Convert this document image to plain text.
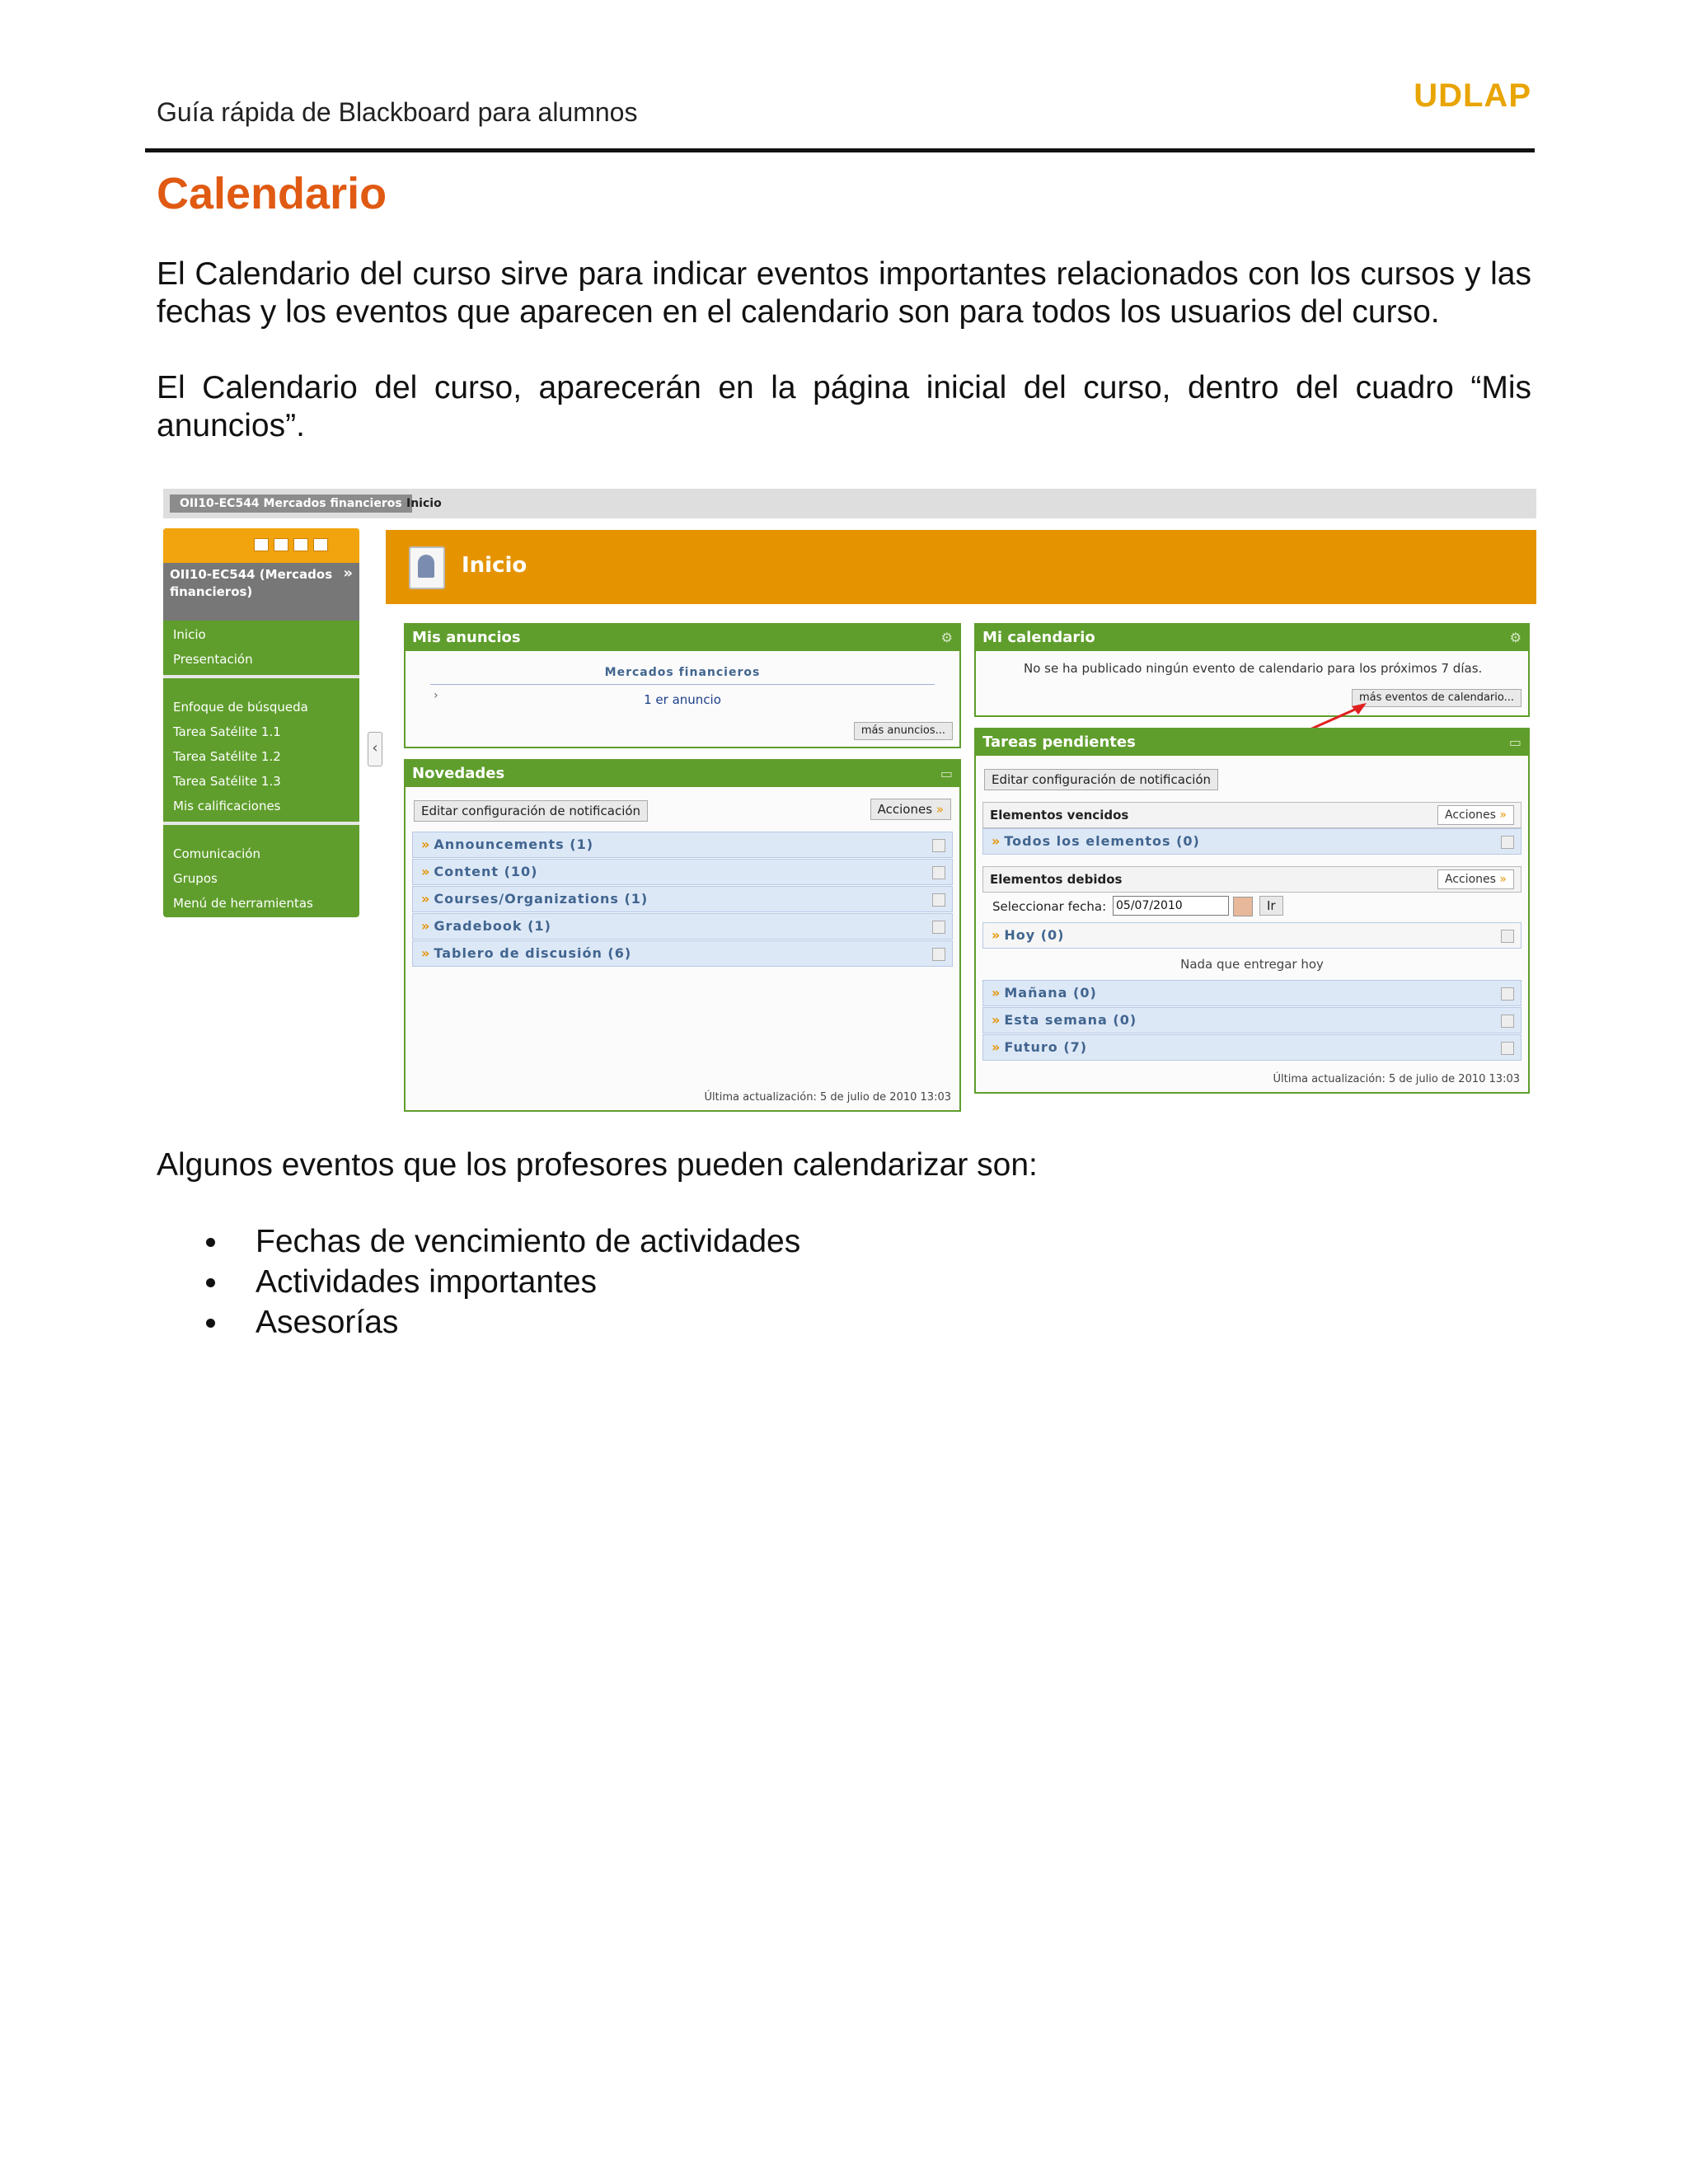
Guía rápida de Blackboard para alumnos	UDLAP
Calendario
El Calendario del curso sirve para indicar eventos importantes relacionados con los cursos y las fechas y los eventos que aparecen en el calendario son para todos los usuarios del curso.
El Calendario del curso, aparecerán en la página inicial del curso, dentro del cuadro “Mis anuncios”.
OII10-EC544 Mercados financieros Inicio
OII10-EC544 (Mercados financieros)
»
Inicio
Presentación
Enfoque de búsqueda
Tarea Satélite 1.1
Tarea Satélite 1.2
Tarea Satélite 1.3
Mis calificaciones
Comunicación
Grupos
Menú de herramientas
‹
Inicio
Mis anuncios	⚙
Mercados financieros
›	1 er anuncio
más anuncios...
Novedades	▭
Editar configuración de notificación	Acciones »
» Announcements (1)
» Content (10)
» Courses/Organizations (1)
» Gradebook (1)
» Tablero de discusión (6)
Última actualización: 5 de julio de 2010 13:03
Mi calendario	⚙
No se ha publicado ningún evento de calendario para los próximos 7 días.
más eventos de calendario...
Tareas pendientes	▭
Editar configuración de notificación
Elementos vencidos	Acciones »
» Todos los elementos (0)
Elementos debidos	Acciones »
Seleccionar fecha: 05/07/2010	Ir
» Hoy (0)
Nada que entregar hoy
» Mañana (0)
» Esta semana (0)
» Futuro (7)
Última actualización: 5 de julio de 2010 13:03
Algunos eventos que los profesores pueden calendarizar son:
Fechas de vencimiento de actividades
Actividades importantes
Asesorías
